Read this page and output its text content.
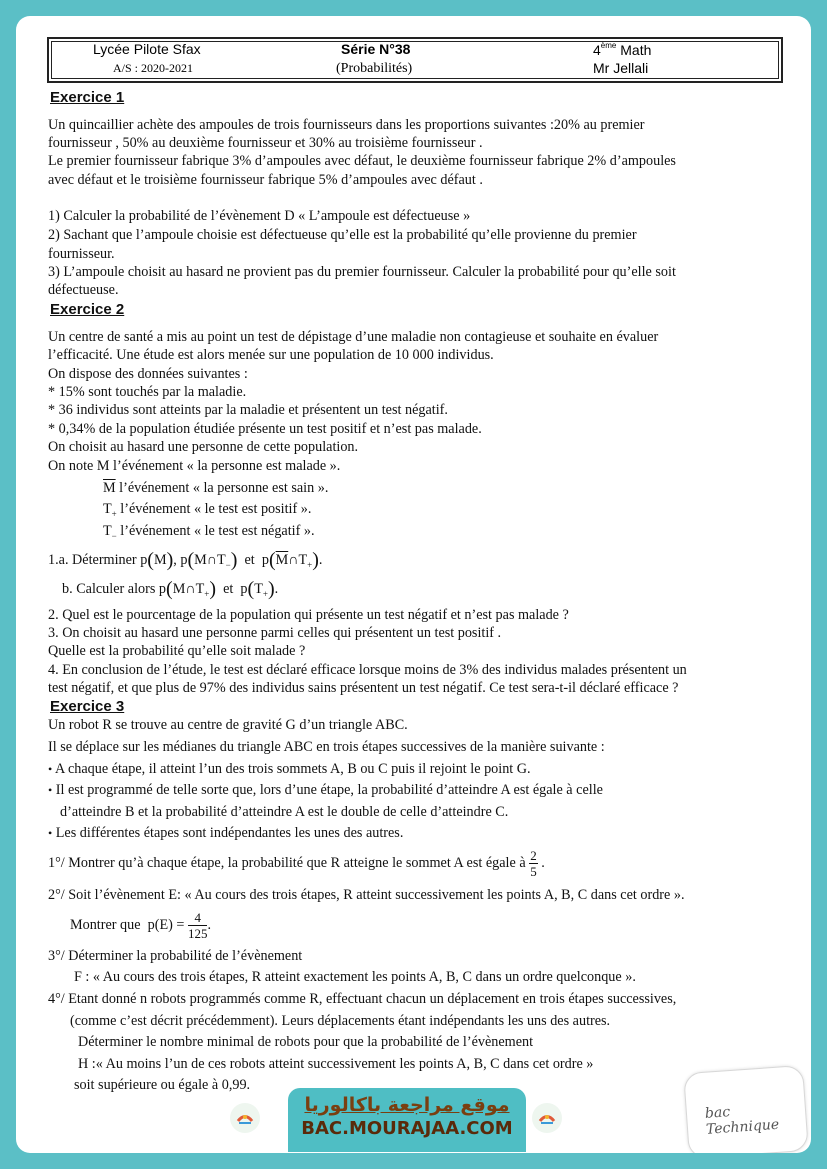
Lycée Pilote Sfax
A/S : 2020-2021
Série N°38
(Probabilités)
4ème Math
Mr Jellali
Exercice 1
Un quincaillier achète des ampoules de trois fournisseurs dans les proportions suivantes :20% au premier
fournisseur , 50% au deuxième fournisseur et 30% au troisième fournisseur .
Le premier fournisseur fabrique 3% d’ampoules avec défaut, le deuxième fournisseur fabrique 2% d’ampoules
avec défaut et le troisième fournisseur fabrique 5% d’ampoules avec défaut .
1) Calculer la probabilité de l’évènement D « L’ampoule est défectueuse »
2) Sachant que l’ampoule choisie est défectueuse qu’elle est la probabilité qu’elle provienne du premier
fournisseur.
3) L’ampoule choisit au hasard ne provient pas du premier fournisseur. Calculer la probabilité pour qu’elle soit
défectueuse.
Exercice 2
Un centre de santé a mis au point un test de dépistage d’une maladie non contagieuse et souhaite en évaluer
l’efficacité. Une étude est alors menée sur une population de 10 000 individus.
On dispose des données suivantes :
* 15% sont touchés par la maladie.
* 36 individus sont atteints par la maladie et présentent un test négatif.
* 0,34% de la population étudiée présente un test positif et n’est pas malade.
On choisit au hasard une personne de cette population.
On note M l’événement « la personne est malade ».
$\overline{M}$ l’événement « la personne est sain ».
$T_+$ l’événement « le test est positif ».
$T_-$ l’événement « le test est négatif ».
1.a. Déterminer p(M), $p(M\cap T_-)$ et $p(\overline{M}\cap T_+)$.
b. Calculer alors $p(M\cap T_+)$ et $p(T_+)$.
2. Quel est le pourcentage de la population qui présente un test négatif et n’est pas malade ?
3. On choisit au hasard une personne parmi celles qui présentent un test positif .
Quelle est la probabilité qu’elle soit malade ?
4. En conclusion de l’étude, le test est déclaré efficace lorsque moins de 3% des individus malades présentent un
test négatif, et que plus de 97% des individus sains présentent un test négatif. Ce test sera-t-il déclaré efficace ?
Exercice 3
Un robot R se trouve au centre de gravité G d’un triangle ABC.
Il se déplace sur les médianes du triangle ABC en trois étapes successives de la manière suivante :
• A chaque étape, il atteint l’un des trois sommets A, B ou C puis il rejoint le point G.
• Il est programmé de telle sorte que, lors d’une étape, la probabilité d’atteindre A est égale à celle
d’atteindre B et la probabilité d’atteindre A est le double de celle d’atteindre C.
• Les différentes étapes sont indépendantes les unes des autres.
1°/ Montrer qu’à chaque étape, la probabilité que R atteigne le sommet A est égale à $\frac{2}{5}$ .
2°/ Soit l’évènement E: « Au cours des trois étapes, R atteint successivement les points A, B, C dans cet ordre ».
Montrer que $p(E) = \frac{4}{125}$ .
3°/ Déterminer la probabilité de l’évènement
F : « Au cours des trois étapes, R atteint exactement les points A, B, C dans un ordre quelconque ».
4°/ Etant donné n robots programmés comme R, effectuant chacun un déplacement en trois étapes successives,
(comme c’est décrit précédemment). Leurs déplacements étant indépendants les uns des autres.
Déterminer le nombre minimal de robots pour que la probabilité de l’évènement
H :« Au moins l’un de ces robots atteint successivement les points A, B, C dans cet ordre »
soit supérieure ou égale à 0,99.
موقع مراجعة باكالوريا
BAC.MOURAJAA.COM
bac Technique
